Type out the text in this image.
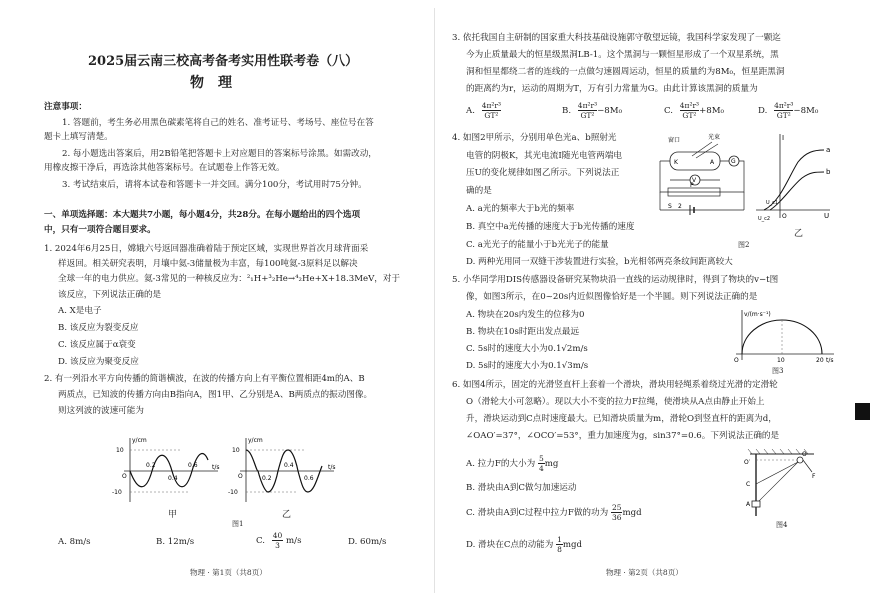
2025届云南三校高考备考实用性联考卷（八）
物　理
注意事项：
1. 答题前，考生务必用黑色碳素笔将自己的姓名、准考证号、考场号、座位号在答
题卡上填写清楚。
2. 每小题选出答案后，用2B铅笔把答题卡上对应题目的答案标号涂黑。如需改动，
用橡皮擦干净后，再选涂其他答案标号。在试题卷上作答无效。
3. 考试结束后，请将本试卷和答题卡一并交回。满分100分，考试用时75分钟。
一、单项选择题：本大题共7小题，每小题4分，共28分。在每小题给出的四个选项
中，只有一项符合题目要求。
1. 2024年6月25日，嫦娥六号返回器准确着陆于预定区域，实现世界首次月球背面采
样返回。相关研究表明，月壤中氦-3储量极为丰富，每100吨氦-3原料足以解决
全球一年的电力供应。氦-3常见的一种核反应为：²₁H+³₂He→⁴₂He+X+18.3MeV，对于
该反应，下列说法正确的是
A. X是电子
B. 该反应为裂变反应
C. 该反应属于α衰变
D. 该反应为聚变反应
2. 有一列沿水平方向传播的简谐横波，在波的传播方向上有平衡位置相距4m的A、B
两质点，已知波的传播方向由B指向A，图1甲、乙分别是A、B两质点的振动图像。
则这列波的波速可能为
y/cm
t/s
10
-10
O
0.2
0.4
0.6
y/cm
t/s
10
-10
O	0.2
0.4
0.6
甲	乙
图1
A. 8m/s	B. 12m/s	C. $\frac{40}{3} m/s$	D. 60m/s
物理 · 第1页（共8页）
3. 依托我国自主研制的国家重大科技基础设施郭守敬望远镜，我国科学家发现了一颗迄
今为止质量最大的恒星级黑洞LB-1。这个黑洞与一颗恒星形成了一个双星系统，黑
洞和恒星都绕二者的连线的一点做匀速圆周运动，恒星的质量约为8M₀，恒星距黑洞
的距离约为r，运动的周期为T，万有引力常量为G。由此计算该黑洞的质量为
A. $\frac{\text{4π²r³}}{\text{GT²}}$	B. $\frac{\text{4π²r³}}{\text{GT²}} -8M_0$	C. $\frac{\text{4π²r³}}{\text{GT²}} +8M_0$	D. $\frac{\text{4π²r³}}{\text{GT²}} -8M_0$
4. 如图2甲所示，分别用单色光a、b照射光
电管的阴极K，其光电流I随光电管两端电
压U的变化规律如图乙所示。下列说法正
确的是
A. a光的频率大于b光的频率
B. 真空中a光传播的速度大于b光传播的速度
C. a光光子的能量小于b光光子的能量
D. 两种光用同一双缝干涉装置进行实验，b光相邻两亮条纹间距离较大
窗口	光束
K	A	G
V
P
S 2
I
U
a
b
O
U_c2
U_c1
乙
图2
5. 小华同学用DIS传感器设备研究某物块沿一直线的运动规律时，得到了物块的v−t图
像，如图3所示，在0~20s内近似图像恰好是一个半圆。则下列说法正确的是
A. 物块在20s内发生的位移为0
B. 物块在10s时距出发点最远
C. 5s时的速度大小为0.1√2m/s
D. 5s时的速度大小为0.1√3m/s
v/(m·s⁻¹)
t/s
O	10	20
图3
6. 如图4所示，固定的光滑竖直杆上套着一个滑块，滑块用轻绳系着绕过光滑的定滑轮
O（滑轮大小可忽略）。现以大小不变的拉力F拉绳，使滑块从A点由静止开始上
升，滑块运动到C点时速度最大。已知滑块质量为m，滑轮O到竖直杆的距离为d，
∠OAO′=37°，∠OCO′=53°，重力加速度为g，sin37°=0.6。下列说法正确的是
A. 拉力F的大小为 $\frac{5}{4}$ mg
B. 滑块由A到C做匀加速运动
C. 滑块由A到C过程中拉力F做的功为 $\frac{25}{36}$ mgd
D. 滑块在C点的动能为 $\frac{1}{8}$ mgd
O′
O
C
A
F
图4
物理 · 第2页（共8页）
